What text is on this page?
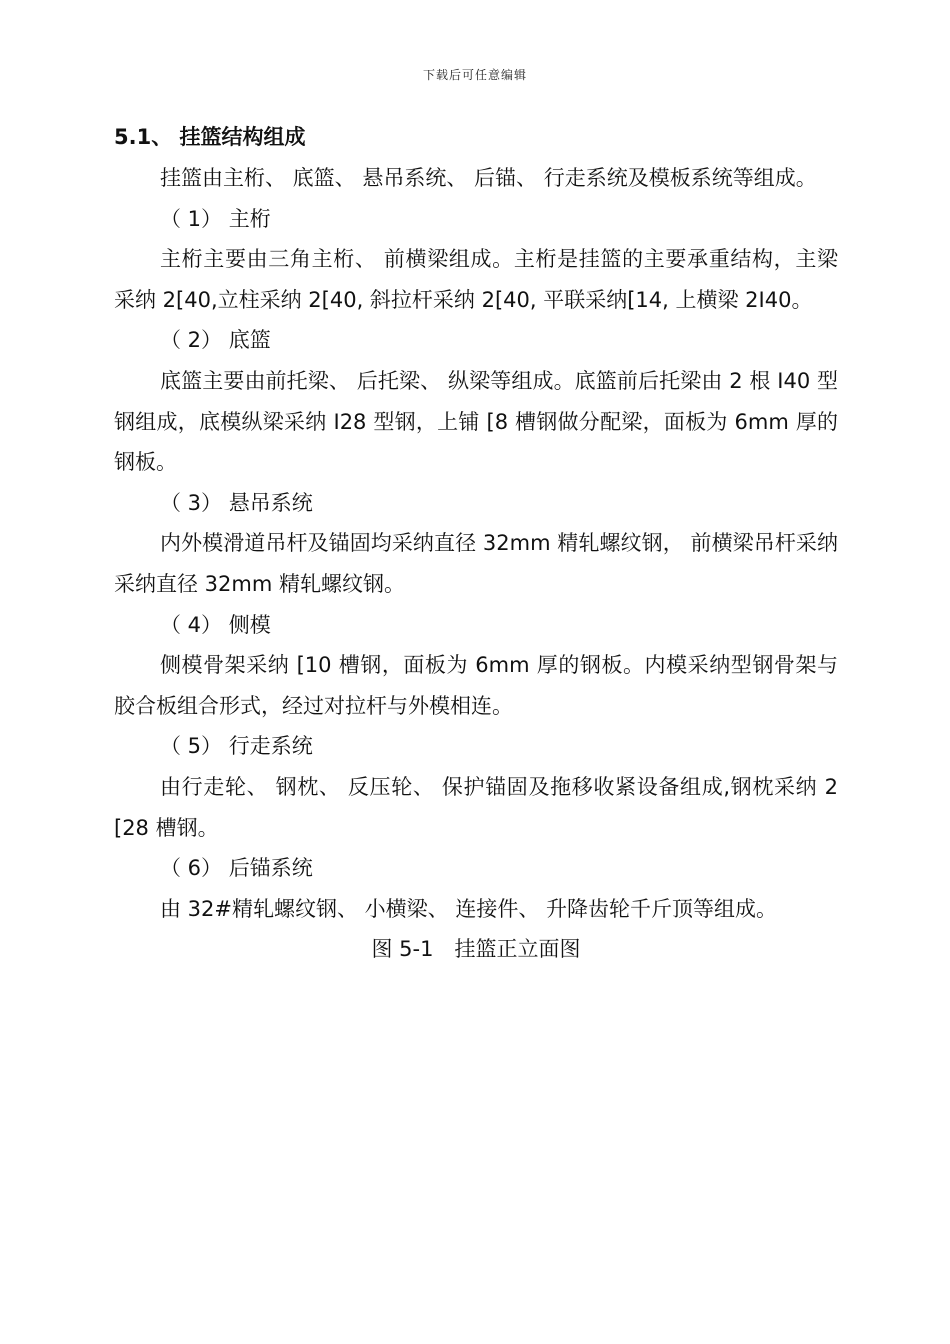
下载后可任意编辑
5.1、 挂篮结构组成

挂篮由主桁、 底篮、 悬吊系统、 后锚、 行走系统及模板系统等组成。

（ 1） 主桁

主桁主要由三角主桁、 前横梁组成。主桁是挂篮的主要承重结构，主梁采纳 2[40,立柱采纳 2[40, 斜拉杆采纳 2[40, 平联采纳[14, 上横梁 2I40。

（ 2） 底篮

底篮主要由前托梁、 后托梁、 纵梁等组成。底篮前后托梁由 2 根 I40 型钢组成，底模纵梁采纳 I28 型钢，上铺 [8 槽钢做分配梁，面板为 6mm 厚的钢板。

（ 3） 悬吊系统

内外模滑道吊杆及锚固均采纳直径 32mm 精轧螺纹钢， 前横梁吊杆采纳采纳直径 32mm 精轧螺纹钢。

（ 4） 侧模

侧模骨架采纳 [10 槽钢，面板为 6mm 厚的钢板。内模采纳型钢骨架与胶合板组合形式，经过对拉杆与外模相连。

（ 5） 行走系统

由行走轮、 钢枕、 反压轮、 保护锚固及拖移收紧设备组成,钢枕采纳 2 [28 槽钢。

（ 6） 后锚系统

由 32#精轧螺纹钢、 小横梁、 连接件、 升降齿轮千斤顶等组成。

图 5-1　挂篮正立面图
